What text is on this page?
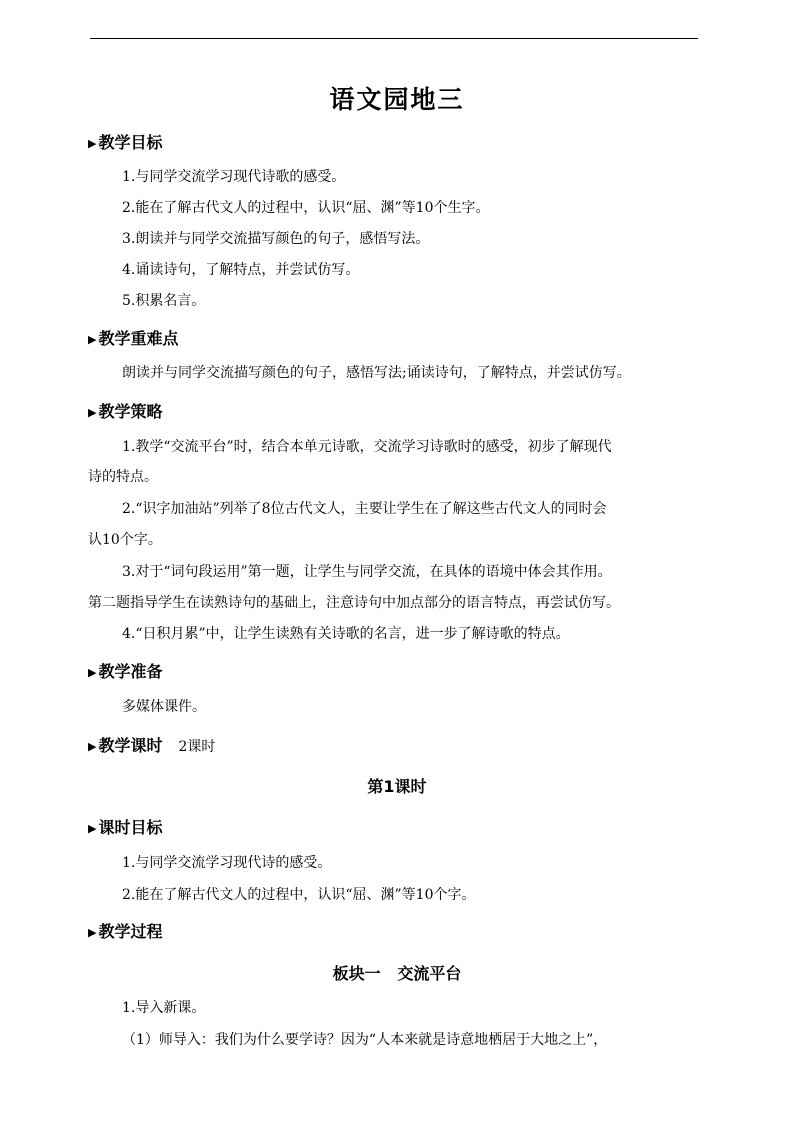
语文园地三
▶ 教学目标
1.与同学交流学习现代诗歌的感受。
2.能在了解古代文人的过程中，认识“屈、渊”等10个生字。
3.朗读并与同学交流描写颜色的句子，感悟写法。
4.诵读诗句，了解特点，并尝试仿写。
5.积累名言。
▶ 教学重难点
朗读并与同学交流描写颜色的句子，感悟写法;诵读诗句，了解特点，并尝试仿写。
▶ 教学策略
1.教学“交流平台”时，结合本单元诗歌，交流学习诗歌时的感受，初步了解现代
诗的特点。
2.“识字加油站”列举了8位古代文人，主要让学生在了解这些古代文人的同时会
认10个字。
3.对于“词句段运用”第一题，让学生与同学交流，在具体的语境中体会其作用。
第二题指导学生在读熟诗句的基础上，注意诗句中加点部分的语言特点，再尝试仿写。
4.“日积月累”中，让学生读熟有关诗歌的名言，进一步了解诗歌的特点。
▶ 教学准备
多媒体课件。
▶ 教学课时 2课时
第1课时
▶ 课时目标
1.与同学交流学习现代诗的感受。
2.能在了解古代文人的过程中，认识“屈、渊”等10个字。
▶ 教学过程
板块一   交流平台
1.导入新课。
（1）师导入：我们为什么要学诗？因为“人本来就是诗意地栖居于大地之上”，
